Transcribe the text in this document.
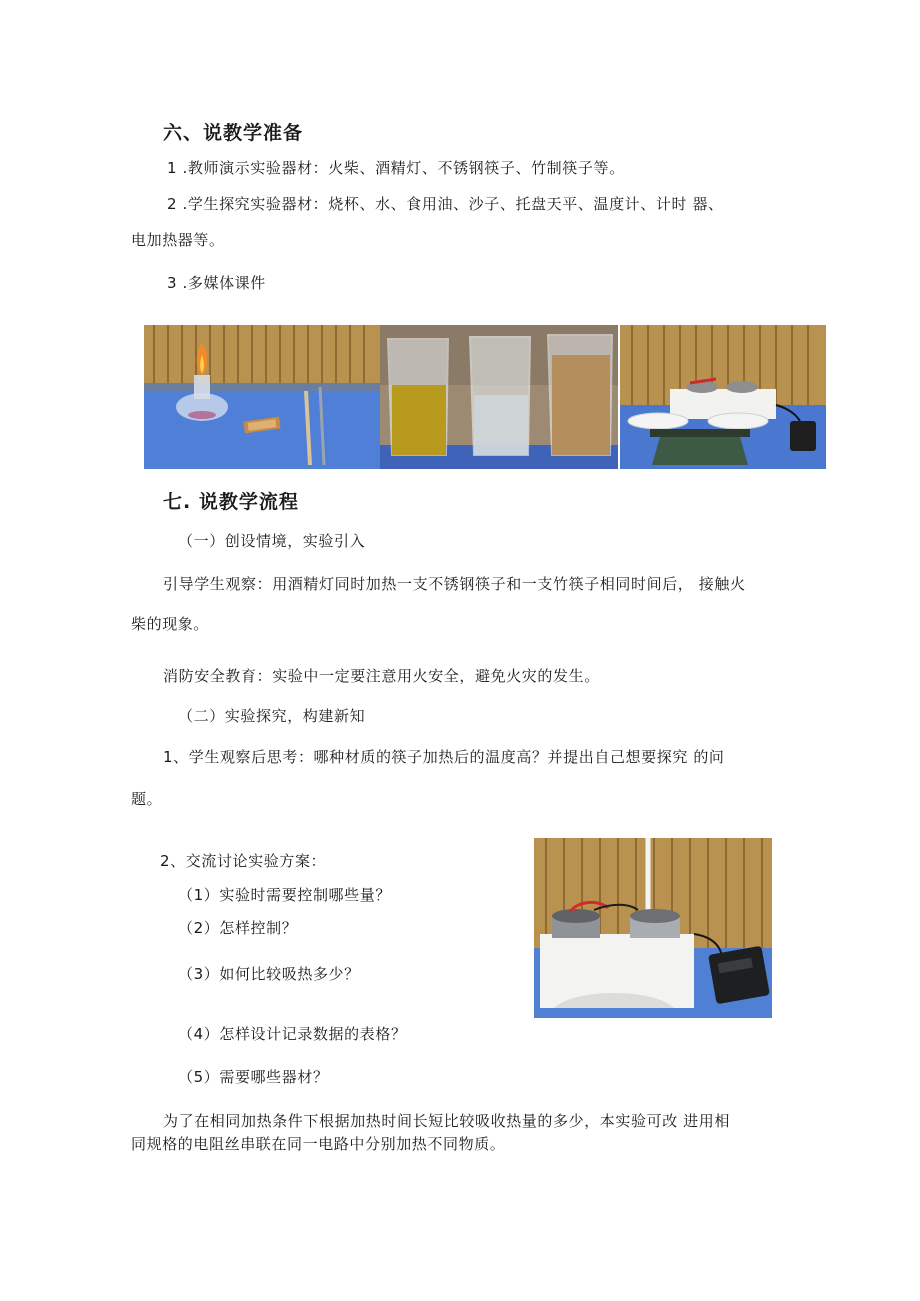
六、说教学准备
1 .教师演示实验器材：火柴、酒精灯、不锈钢筷子、竹制筷子等。
2 .学生探究实验器材：烧杯、水、食用油、沙子、托盘天平、温度计、计时 器、
电加热器等。
3 .多媒体课件
七. 说教学流程
（一）创设情境，实验引入
引导学生观察：用酒精灯同时加热一支不锈钢筷子和一支竹筷子相同时间后， 接触火
柴的现象。
消防安全教育：实验中一定要注意用火安全，避免火灾的发生。
（二）实验探究，构建新知
1、学生观察后思考：哪种材质的筷子加热后的温度高？并提出自己想要探究 的问
题。
2、交流讨论实验方案：
（1）实验时需要控制哪些量？
（2）怎样控制？
（3）如何比较吸热多少？
（4）怎样设计记录数据的表格？
（5）需要哪些器材？
为了在相同加热条件下根据加热时间长短比较吸收热量的多少，本实验可改 进用相
同规格的电阻丝串联在同一电路中分别加热不同物质。
